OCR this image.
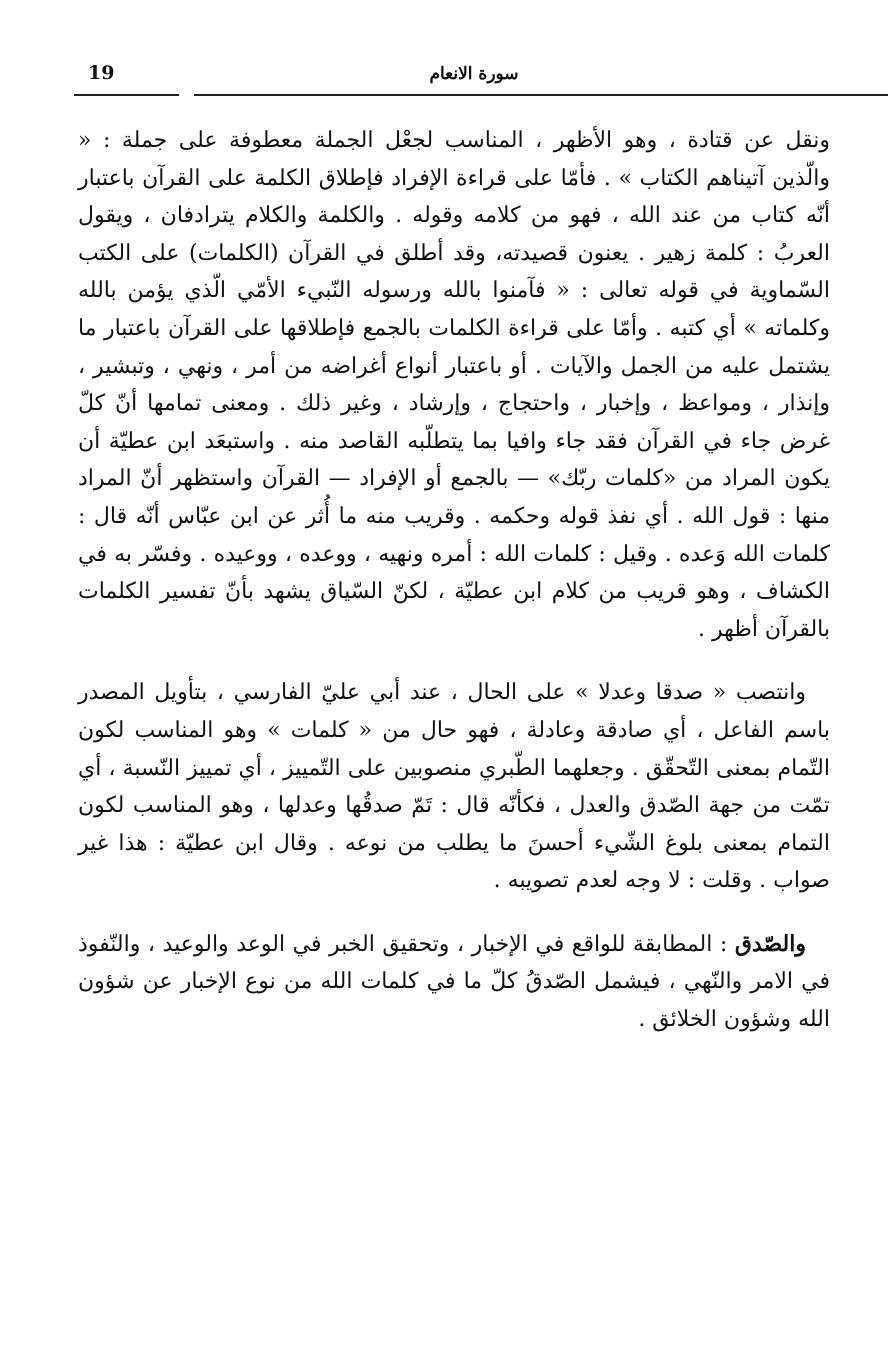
19	سورة الانعام

ونقل عن قتادة ، وهو الأظهر ، المناسب لجعْل الجملة معطوفة على جملة : « والّذين آتيناهم الكتاب » . فأمّا على قراءة الإفراد فإطلاق الكلمة على القرآن باعتبار أنّه كتاب من عند الله ، فهو من كلامه وقوله . والكلمة والكلام يترادفان ، ويقول العربُ : كلمة زهير . يعنون قصيدته، وقد أطلق في القرآن (الكلمات) على الكتب السّماوية في قوله تعالى : « فآمنوا بالله ورسوله النّبيء الأمّي الّذي يؤمن بالله وكلماته » أي كتبه . وأمّا على قراءة الكلمات بالجمع فإطلاقها على القرآن باعتبار ما يشتمل عليه من الجمل والآيات . أو باعتبار أنواع أغراضه من أمر ، ونهي ، وتبشير ، وإنذار ، ومواعظ ، وإخبار ، واحتجاج ، وإرشاد ، وغير ذلك . ومعنى تمامها أنّ كلّ غرض جاء في القرآن فقد جاء وافيا بما يتطلّبه القاصد منه . واستبعَد ابن عطيّة أن يكون المراد من «كلمات ربّك» — بالجمع أو الإفراد — القرآن واستظهر أنّ المراد منها : قول الله . أي نفذ قوله وحكمه . وقريب منه ما أُثر عن ابن عبّاس أنّه قال : كلمات الله وَعده . وقيل : كلمات الله : أمره ونهيه ، ووعده ، ووعيده . وفسّر به في الكشاف ، وهو قريب من كلام ابن عطيّة ، لكنّ السّياق يشهد بأنّ تفسير الكلمات بالقرآن أظهر .

وانتصب « صدقا وعدلا » على الحال ، عند أبي عليّ الفارسي ، بتأويل المصدر باسم الفاعل ، أي صادقة وعادلة ، فهو حال من « كلمات » وهو المناسب لكون التّمام بمعنى التّحقّق . وجعلهما الطّبري منصوبين على التّمييز ، أي تمييز النّسبة ، أي تمّت من جهة الصّدق والعدل ، فكأنّه قال : تَمّ صدقُها وعدلها ، وهو المناسب لكون التمام بمعنى بلوغ الشّيء أحسنَ ما يطلب من نوعه . وقال ابن عطيّة : هذا غير صواب . وقلت : لا وجه لعدم تصويبه .

والصّدق : المطابقة للواقع في الإخبار ، وتحقيق الخبر في الوعد والوعيد ، والنّفوذ في الامر والنّهي ، فيشمل الصّدقُ كلّ ما في كلمات الله من نوع الإخبار عن شؤون الله وشؤون الخلائق .
